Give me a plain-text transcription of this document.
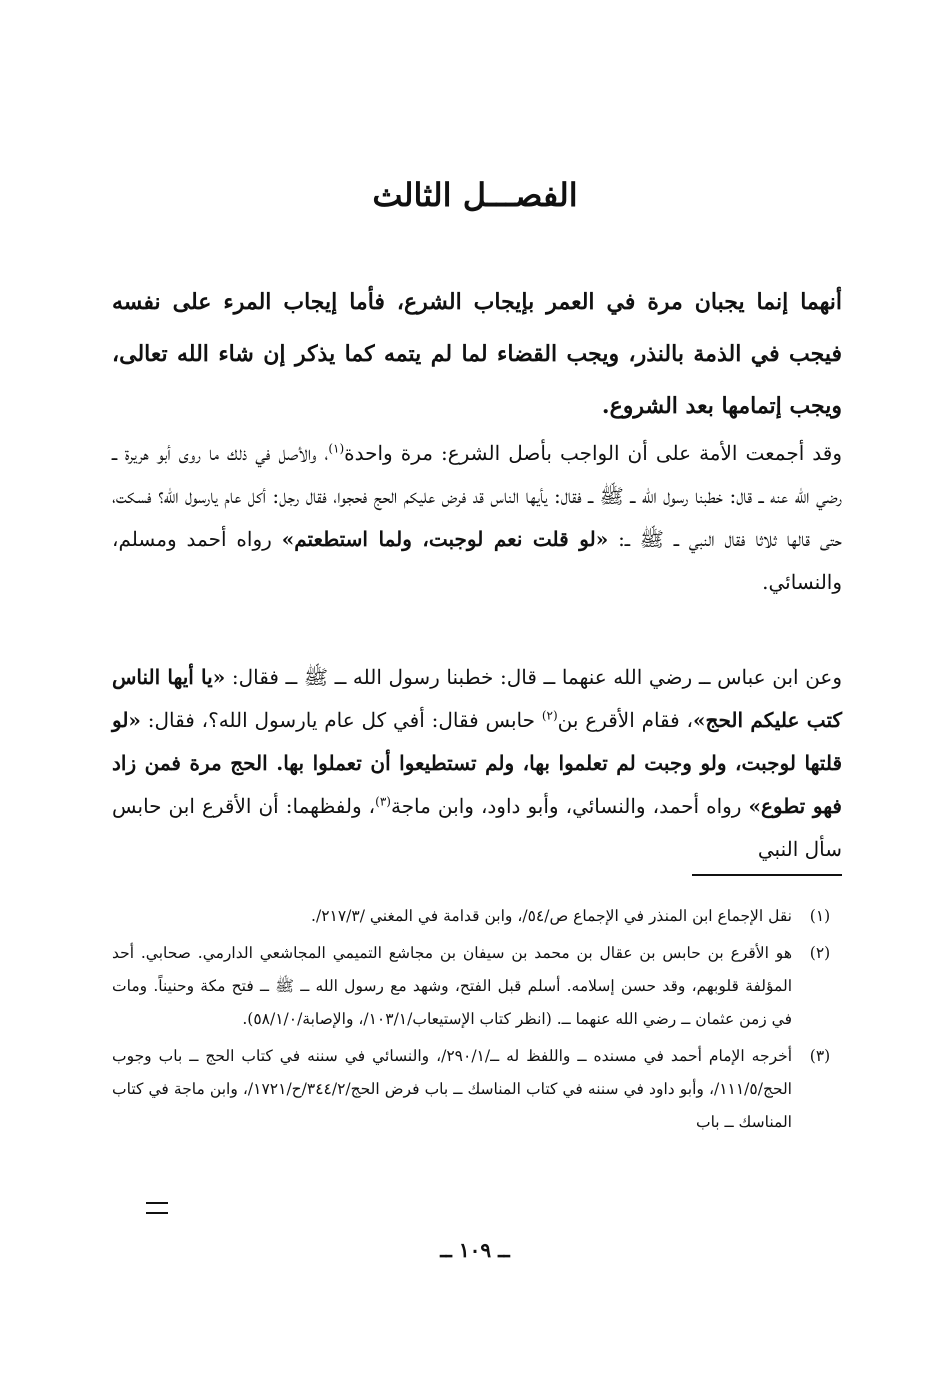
الفصـــل الثالث

أنهما إنما يجبان مرة في العمر بإيجاب الشرع، فأما إيجاب المرء على نفسه فيجب في الذمة بالنذر، ويجب القضاء لما لم يتمه كما يذكر إن شاء الله تعالى، ويجب إتمامها بعد الشروع.

وقد أجمعت الأمة على أن الواجب بأصل الشرع: مرة واحدة$^{(١)}$، والأصل في ذلك ما روى أبو هريرة ــ رضي الله عنه ــ قال: خطبنا رسول الله ــ ﷺ ــ فقال: يأيها الناس قد فرض عليكم الحج فحجوا، فقال رجل: أكل عام يارسول الله؟ فسكت، حتى قالها ثلاثا فقال النبي ــ ﷺ ــ: «لو قلت نعم لوجبت، ولما استطعتم» رواه أحمد ومسلم، والنسائي.

وعن ابن عباس ــ رضي الله عنهما ــ قال: خطبنا رسول الله ــ ﷺ ــ فقال: «يا أيها الناس كتب عليكم الحج»، فقام الأقرع بن$^{(٢)}$ حابس فقال: أفي كل عام يارسول الله؟، فقال: «لو قلتها لوجبت، ولو وجبت لم تعلموا بها، ولم تستطيعوا أن تعملوا بها. الحج مرة فمن زاد فهو تطوع» رواه أحمد، والنسائي، وأبو داود، وابن ماجة$^{(٣)}$، ولفظهما: أن الأقرع ابن حابس سأل النبي

(١)
نقل الإجماع ابن المنذر في الإجماع ص/٥٤/، وابن قدامة في المغني /٢١٧/٣/.
(٢)
هو الأقرع بن حابس بن عقال بن محمد بن سيفان بن مجاشع التميمي المجاشعي الدارمي. صحابي. أحد المؤلفة قلوبهم، وقد حسن إسلامه. أسلم قبل الفتح، وشهد مع رسول الله ــ ﷺ ــ فتح مكة وحنيناً. ومات في زمن عثمان ــ رضي الله عنهما ــ. (انظر كتاب الإستيعاب/١٠٣/١/، والإصابة/٥٨/١/٠).
(٣)
أخرجه الإمام أحمد في مسنده ــ واللفظ له ــ/٢٩٠/١/، والنسائي في سننه في كتاب الحج ــ باب وجوب الحج/١١١/٥/، وأبو داود في سننه في كتاب المناسك ــ باب فرض الحج/٣٤٤/٢/ح/١٧٢١/، وابن ماجة في كتاب المناسك ــ باب
ــ ١٠٩ ــ
